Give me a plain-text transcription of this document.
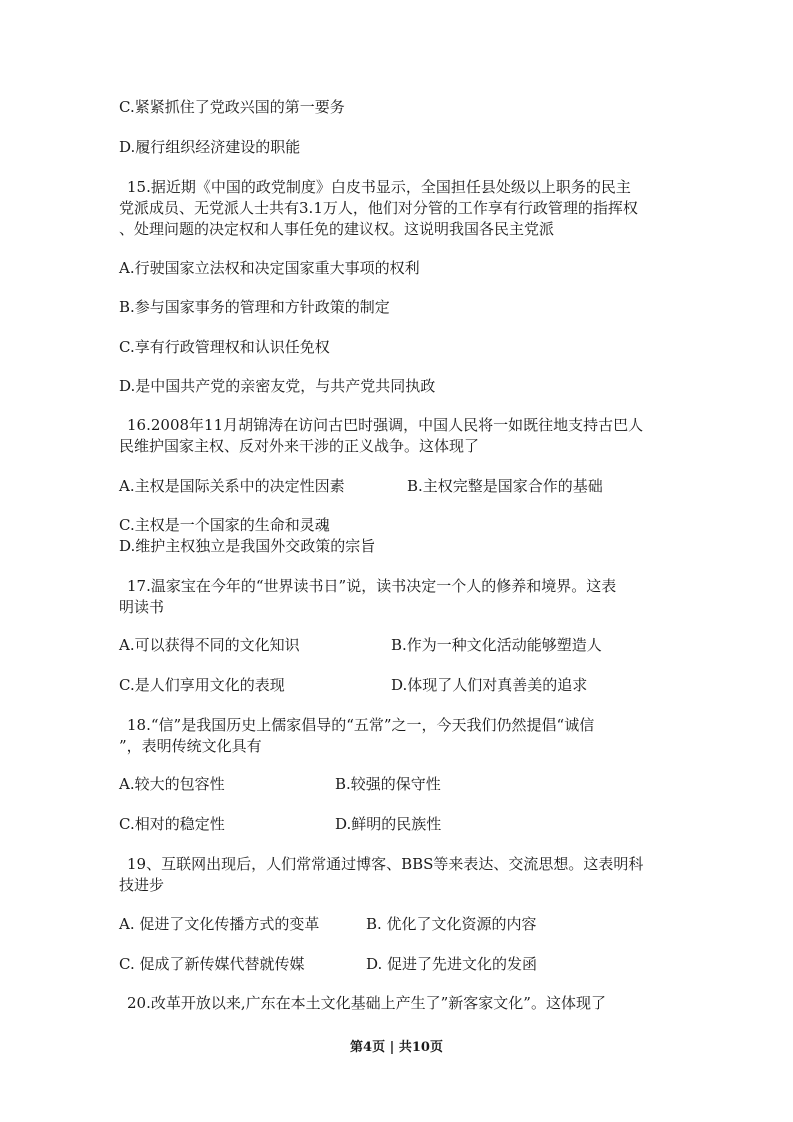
C.紧紧抓住了党政兴国的第一要务
D.履行组织经济建设的职能
15.据近期《中国的政党制度》白皮书显示，全国担任县处级以上职务的民主
党派成员、无党派人士共有3.1万人，他们对分管的工作享有行政管理的指挥权
、处理问题的决定权和人事任免的建议权。这说明我国各民主党派
A.行驶国家立法权和决定国家重大事项的权利
B.参与国家事务的管理和方针政策的制定
C.享有行政管理权和认识任免权
D.是中国共产党的亲密友党，与共产党共同执政
16.2008年11月胡锦涛在访问古巴时强调，中国人民将一如既往地支持古巴人
民维护国家主权、反对外来干涉的正义战争。这体现了
A.主权是国际关系中的决定性因素	B.主权完整是国家合作的基础
C.主权是一个国家的生命和灵魂
D.维护主权独立是我国外交政策的宗旨
17.温家宝在今年的“世界读书日”说，读书决定一个人的修养和境界。这表
明读书
A.可以获得不同的文化知识	B.作为一种文化活动能够塑造人
C.是人们享用文化的表现	D.体现了人们对真善美的追求
18.“信”是我国历史上儒家倡导的“五常”之一，今天我们仍然提倡“诚信
”，表明传统文化具有
A.较大的包容性	B.较强的保守性
C.相对的稳定性	D.鲜明的民族性
19、互联网出现后，人们常常通过博客、BBS等来表达、交流思想。这表明科
技进步
A. 促进了文化传播方式的变革	B. 优化了文化资源的内容
C. 促成了新传媒代替就传媒	D. 促进了先进文化的发函
20.改革开放以来,广东在本土文化基础上产生了”新客家文化”。这体现了
第4页 | 共10页
